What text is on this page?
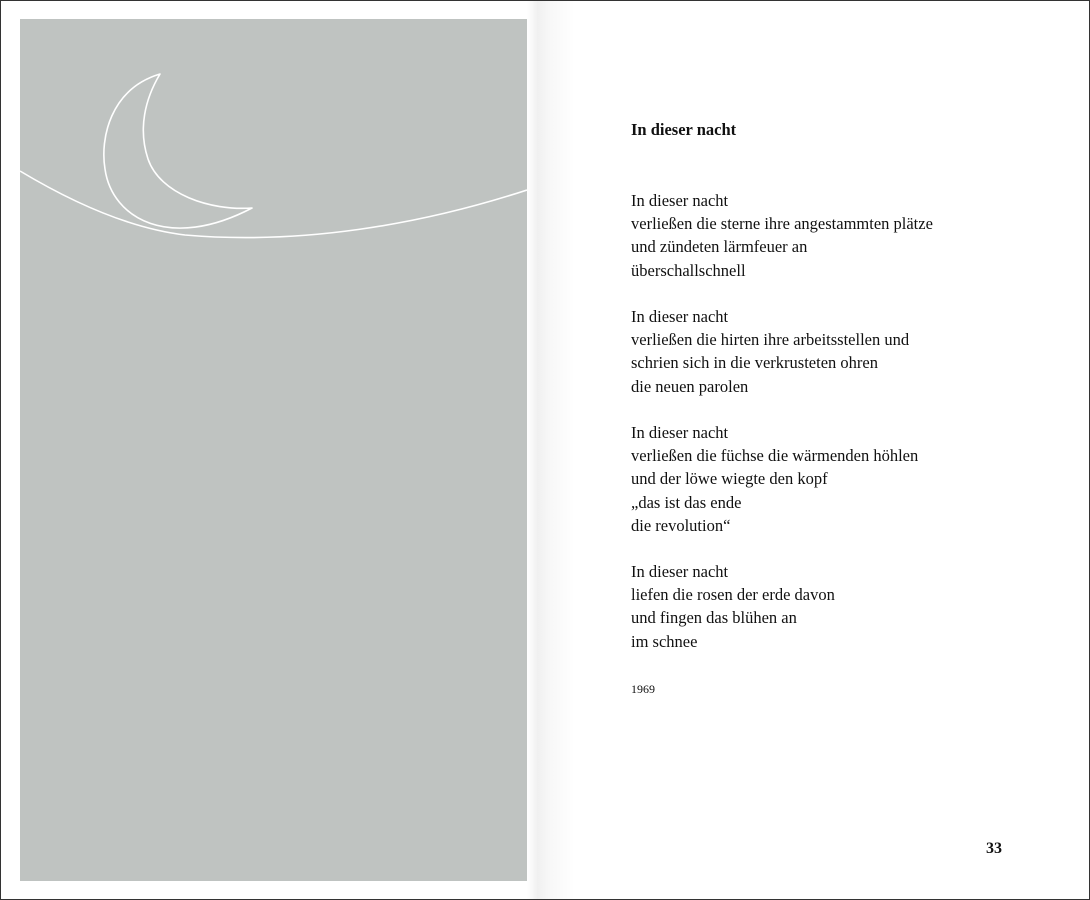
In dieser nacht

In dieser nacht
verließen die sterne ihre angestammten plätze
und zündeten lärmfeuer an
überschallschnell

In dieser nacht
verließen die hirten ihre arbeitsstellen und
schrien sich in die verkrusteten ohren
die neuen parolen

In dieser nacht
verließen die füchse die wärmenden höhlen
und der löwe wiegte den kopf
„das ist das ende
die revolution“

In dieser nacht
liefen die rosen der erde davon
und fingen das blühen an
im schnee

1969
33
